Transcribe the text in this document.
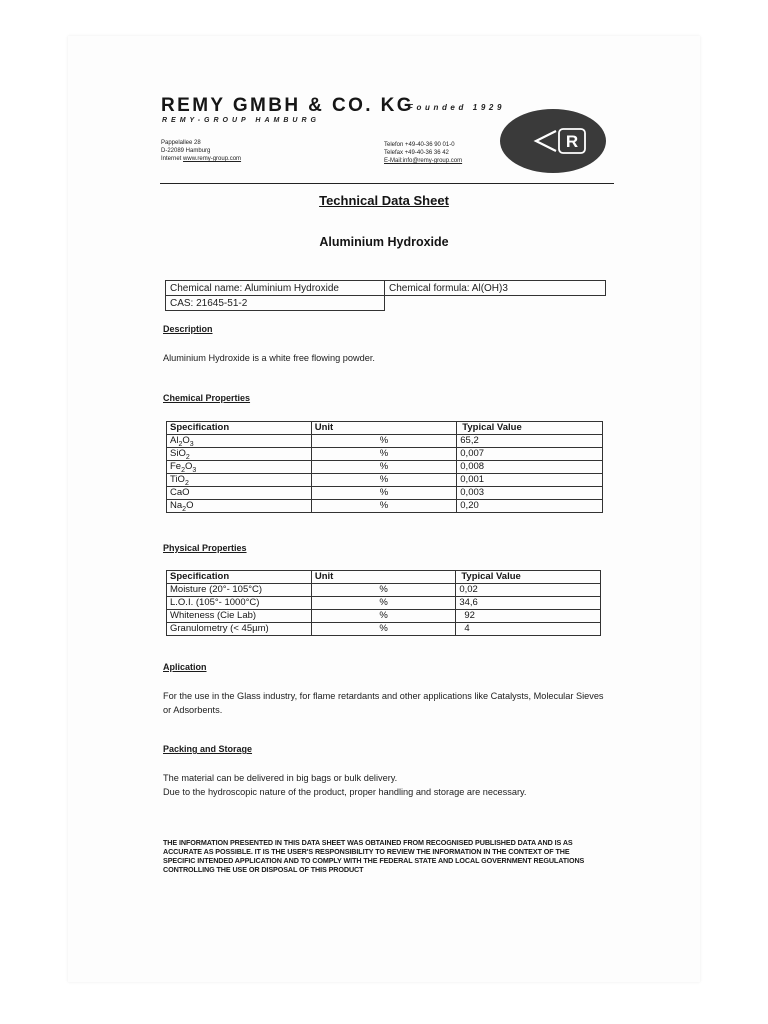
REMY GMBH & CO. KG
Founded 1929
REMY-GROUP HAMBURG
Pappelallee 28
D-22089 Hamburg
Internet www.remy-group.com
Telefon +49-40-36 90 01-0
Telefax +49-40-36 36 42
E-Mail:info@remy-group.com
R
Technical Data Sheet
Aluminium Hydroxide
Chemical name: Aluminium Hydroxide	Chemical formula: Al(OH)3
CAS: 21645-51-2
Description
Aluminium Hydroxide is a white free flowing powder.
Chemical Properties
Specification	Unit	Typical Value
$Al_2O_3$	%	65,2
SiO$_2$	%	0,007
$Fe_2O_3$	%	0,008
TiO$_2$	%	0,001
CaO	%	0,003
$Na_2O$	%	0,20
Physical Properties
Specification	Unit	Typical Value
Moisture (20°- 105°C)	%	0,02
L.O.I. (105°- 1000°C)	%	34,6
Whiteness (Cie Lab)	%	92
Granulometry (< 45µm)	%	4
Aplication
For the use in the Glass industry, for flame retardants and other applications like Catalysts, Molecular Sieves or Adsorbents.
Packing and Storage
The material can be delivered in big bags or bulk delivery.
Due to the hydroscopic nature of the product, proper handling and storage are necessary.
THE INFORMATION PRESENTED IN THIS DATA SHEET WAS OBTAINED FROM RECOGNISED PUBLISHED DATA AND IS AS ACCURATE AS POSSIBLE. IT IS THE USER'S RESPONSIBILITY TO REVIEW THE INFORMATION IN THE CONTEXT OF THE SPECIFIC INTENDED APPLICATION AND TO COMPLY WITH THE FEDERAL STATE AND LOCAL GOVERNMENT REGULATIONS CONTROLLING THE USE OR DISPOSAL OF THIS PRODUCT
